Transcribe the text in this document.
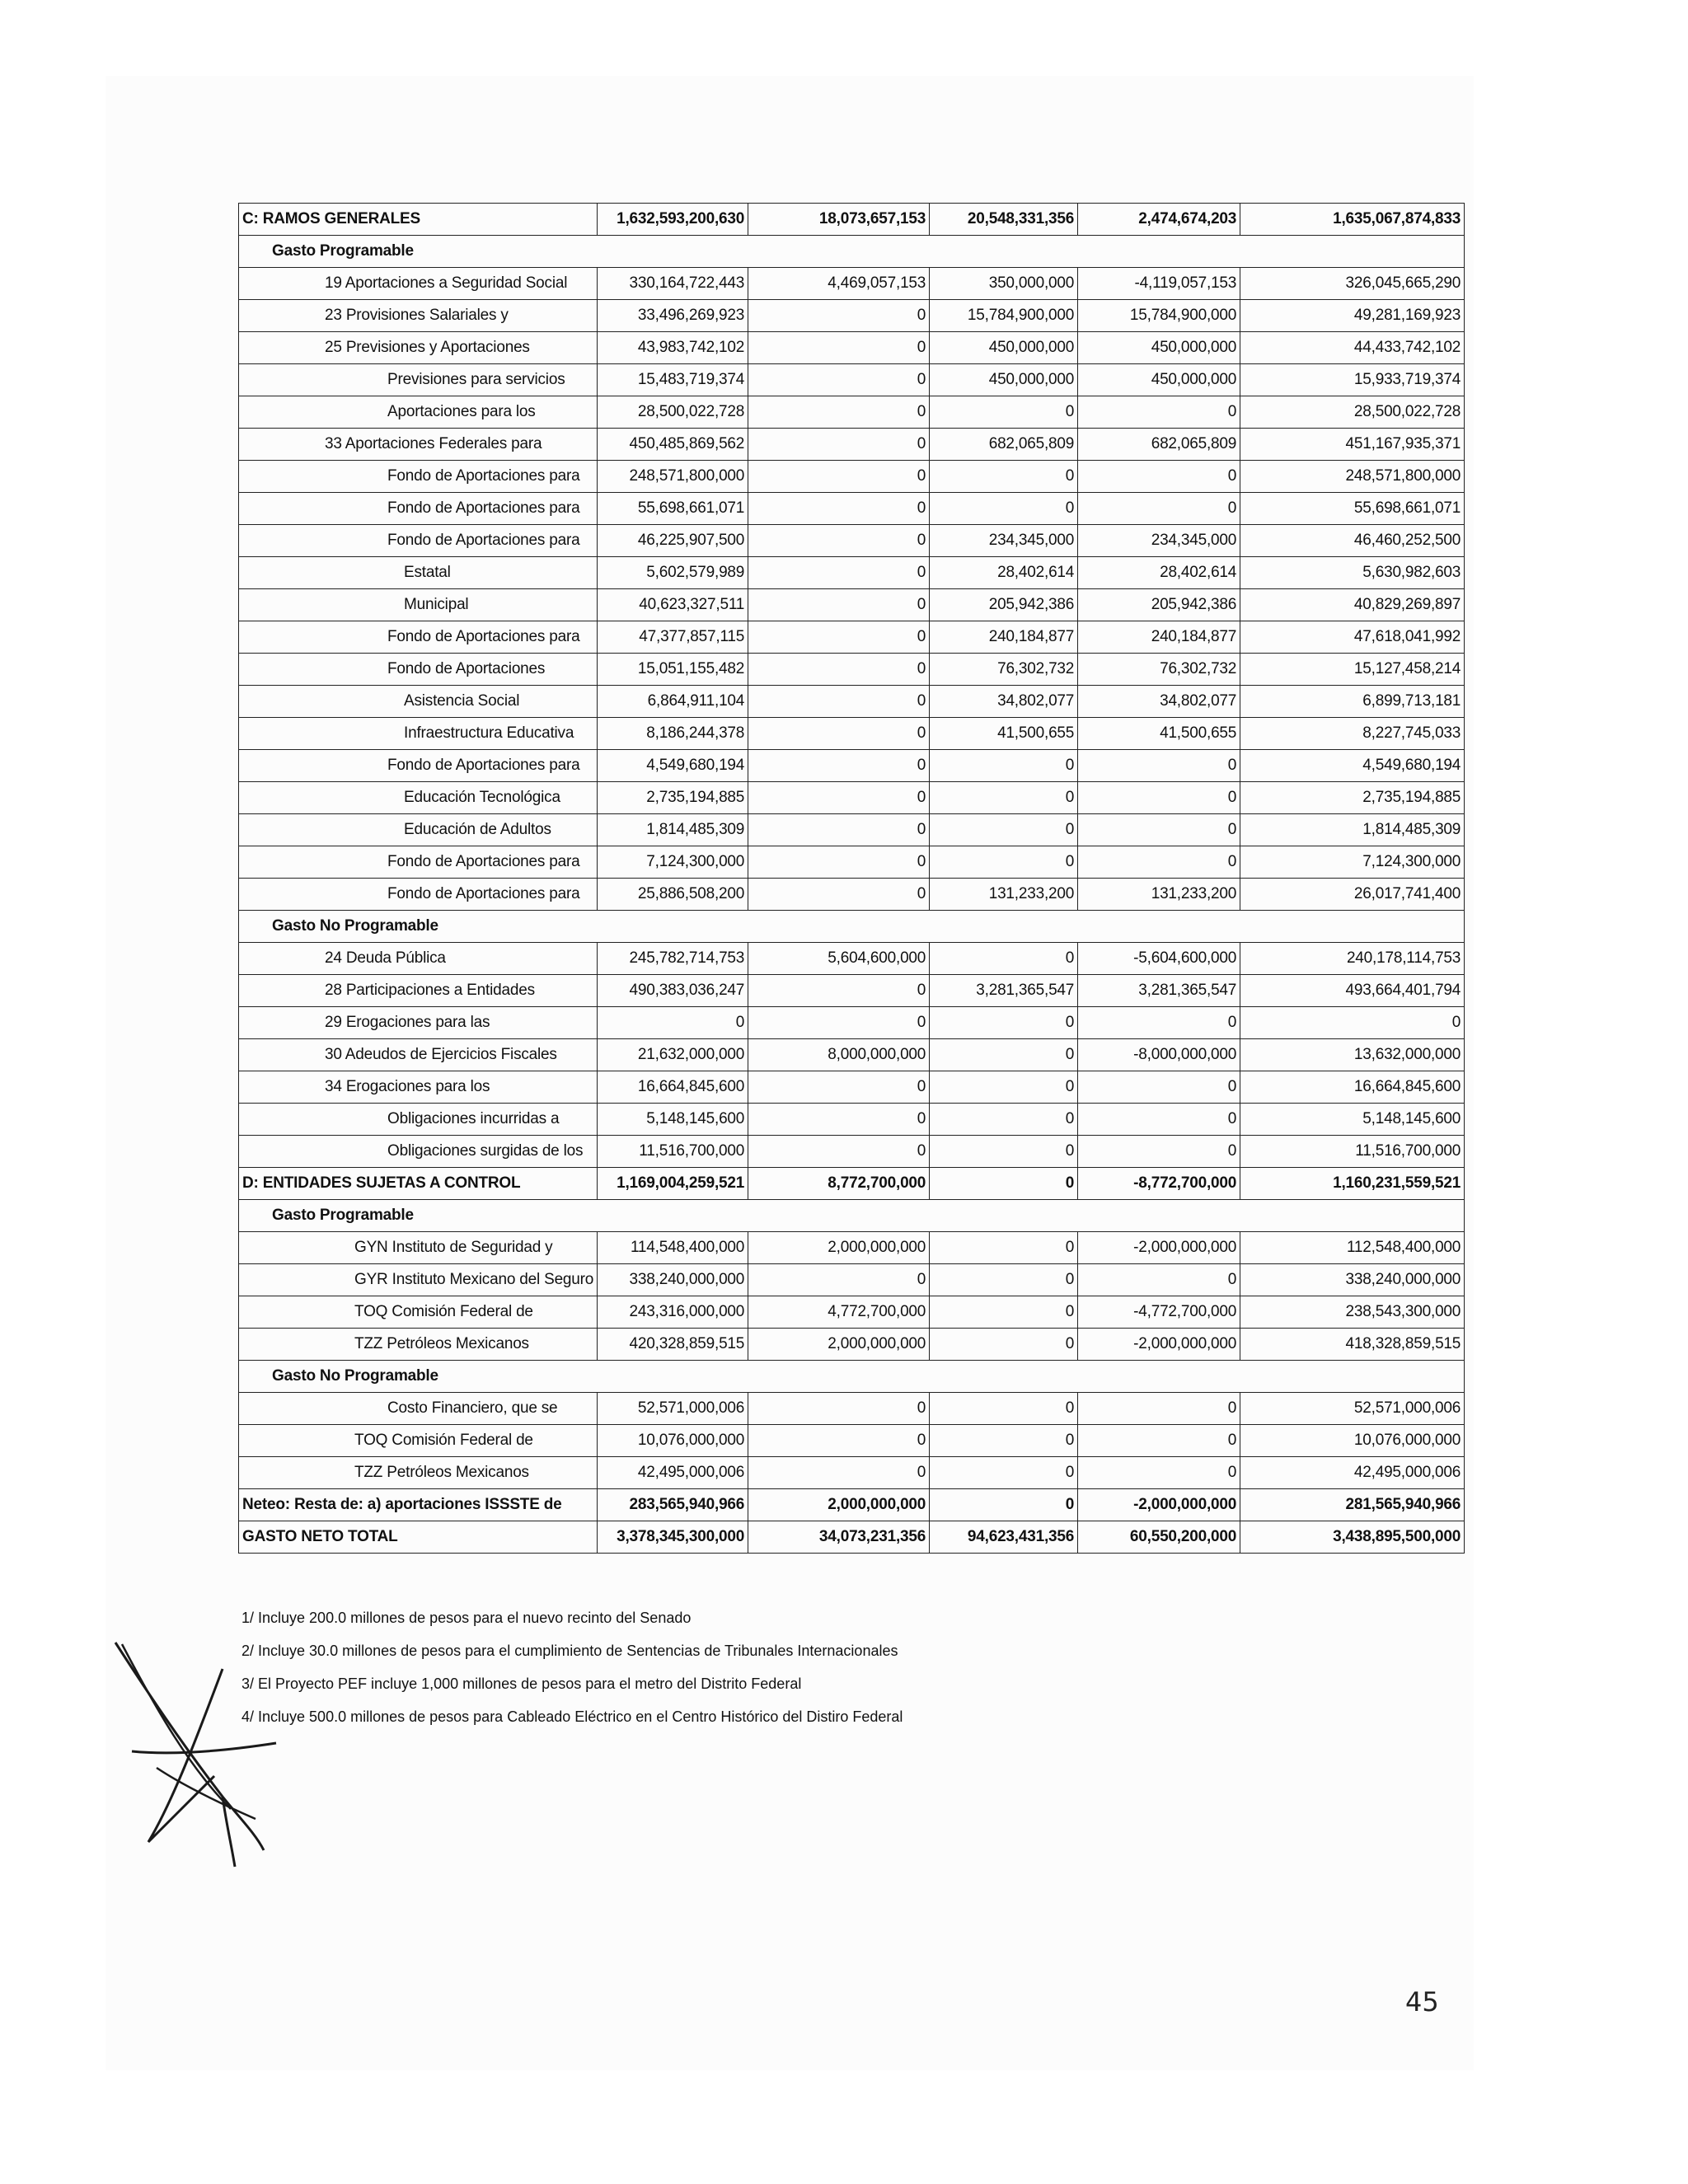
C: RAMOS GENERALES	1,632,593,200,630	18,073,657,153	20,548,331,356	2,474,674,203	1,635,067,874,833
Gasto Programable					
19 Aportaciones a Seguridad Social	330,164,722,443	4,469,057,153	350,000,000	-4,119,057,153	326,045,665,290
23 Provisiones Salariales y	33,496,269,923	0	15,784,900,000	15,784,900,000	49,281,169,923
25 Previsiones y Aportaciones	43,983,742,102	0	450,000,000	450,000,000	44,433,742,102
Previsiones para servicios	15,483,719,374	0	450,000,000	450,000,000	15,933,719,374
Aportaciones para los	28,500,022,728	0	0	0	28,500,022,728
33 Aportaciones Federales para	450,485,869,562	0	682,065,809	682,065,809	451,167,935,371
Fondo de Aportaciones para	248,571,800,000	0	0	0	248,571,800,000
Fondo de Aportaciones para	55,698,661,071	0	0	0	55,698,661,071
Fondo de Aportaciones para	46,225,907,500	0	234,345,000	234,345,000	46,460,252,500
Estatal	5,602,579,989	0	28,402,614	28,402,614	5,630,982,603
Municipal	40,623,327,511	0	205,942,386	205,942,386	40,829,269,897
Fondo de Aportaciones para	47,377,857,115	0	240,184,877	240,184,877	47,618,041,992
Fondo de Aportaciones	15,051,155,482	0	76,302,732	76,302,732	15,127,458,214
Asistencia Social	6,864,911,104	0	34,802,077	34,802,077	6,899,713,181
Infraestructura Educativa	8,186,244,378	0	41,500,655	41,500,655	8,227,745,033
Fondo de Aportaciones para	4,549,680,194	0	0	0	4,549,680,194
Educación Tecnológica	2,735,194,885	0	0	0	2,735,194,885
Educación de Adultos	1,814,485,309	0	0	0	1,814,485,309
Fondo de Aportaciones para	7,124,300,000	0	0	0	7,124,300,000
Fondo de Aportaciones para	25,886,508,200	0	131,233,200	131,233,200	26,017,741,400
Gasto No Programable					
24 Deuda Pública	245,782,714,753	5,604,600,000	0	-5,604,600,000	240,178,114,753
28 Participaciones a Entidades	490,383,036,247	0	3,281,365,547	3,281,365,547	493,664,401,794
29 Erogaciones para las	0	0	0	0	0
30 Adeudos de Ejercicios Fiscales	21,632,000,000	8,000,000,000	0	-8,000,000,000	13,632,000,000
34 Erogaciones para los	16,664,845,600	0	0	0	16,664,845,600
Obligaciones incurridas a	5,148,145,600	0	0	0	5,148,145,600
Obligaciones surgidas de los	11,516,700,000	0	0	0	11,516,700,000
D: ENTIDADES SUJETAS A CONTROL	1,169,004,259,521	8,772,700,000	0	-8,772,700,000	1,160,231,559,521
Gasto Programable					
GYN Instituto de Seguridad y	114,548,400,000	2,000,000,000	0	-2,000,000,000	112,548,400,000
GYR Instituto Mexicano del Seguro	338,240,000,000	0	0	0	338,240,000,000
TOQ Comisión Federal de	243,316,000,000	4,772,700,000	0	-4,772,700,000	238,543,300,000
TZZ Petróleos Mexicanos	420,328,859,515	2,000,000,000	0	-2,000,000,000	418,328,859,515
Gasto No Programable					
Costo Financiero, que se	52,571,000,006	0	0	0	52,571,000,006
TOQ Comisión Federal de	10,076,000,000	0	0	0	10,076,000,000
TZZ Petróleos Mexicanos	42,495,000,006	0	0	0	42,495,000,006
Neteo: Resta de: a) aportaciones ISSSTE de	283,565,940,966	2,000,000,000	0	-2,000,000,000	281,565,940,966
GASTO NETO TOTAL	3,378,345,300,000	34,073,231,356	94,623,431,356	60,550,200,000	3,438,895,500,000
1/ Incluye 200.0 millones de pesos para el nuevo recinto del Senado
2/ Incluye 30.0 millones de pesos para el cumplimiento de Sentencias de Tribunales Internacionales
3/ El Proyecto PEF incluye 1,000 millones de pesos para el metro del Distrito Federal
4/ Incluye 500.0 millones de pesos para Cableado Eléctrico en el Centro Histórico del Distiro Federal
45
